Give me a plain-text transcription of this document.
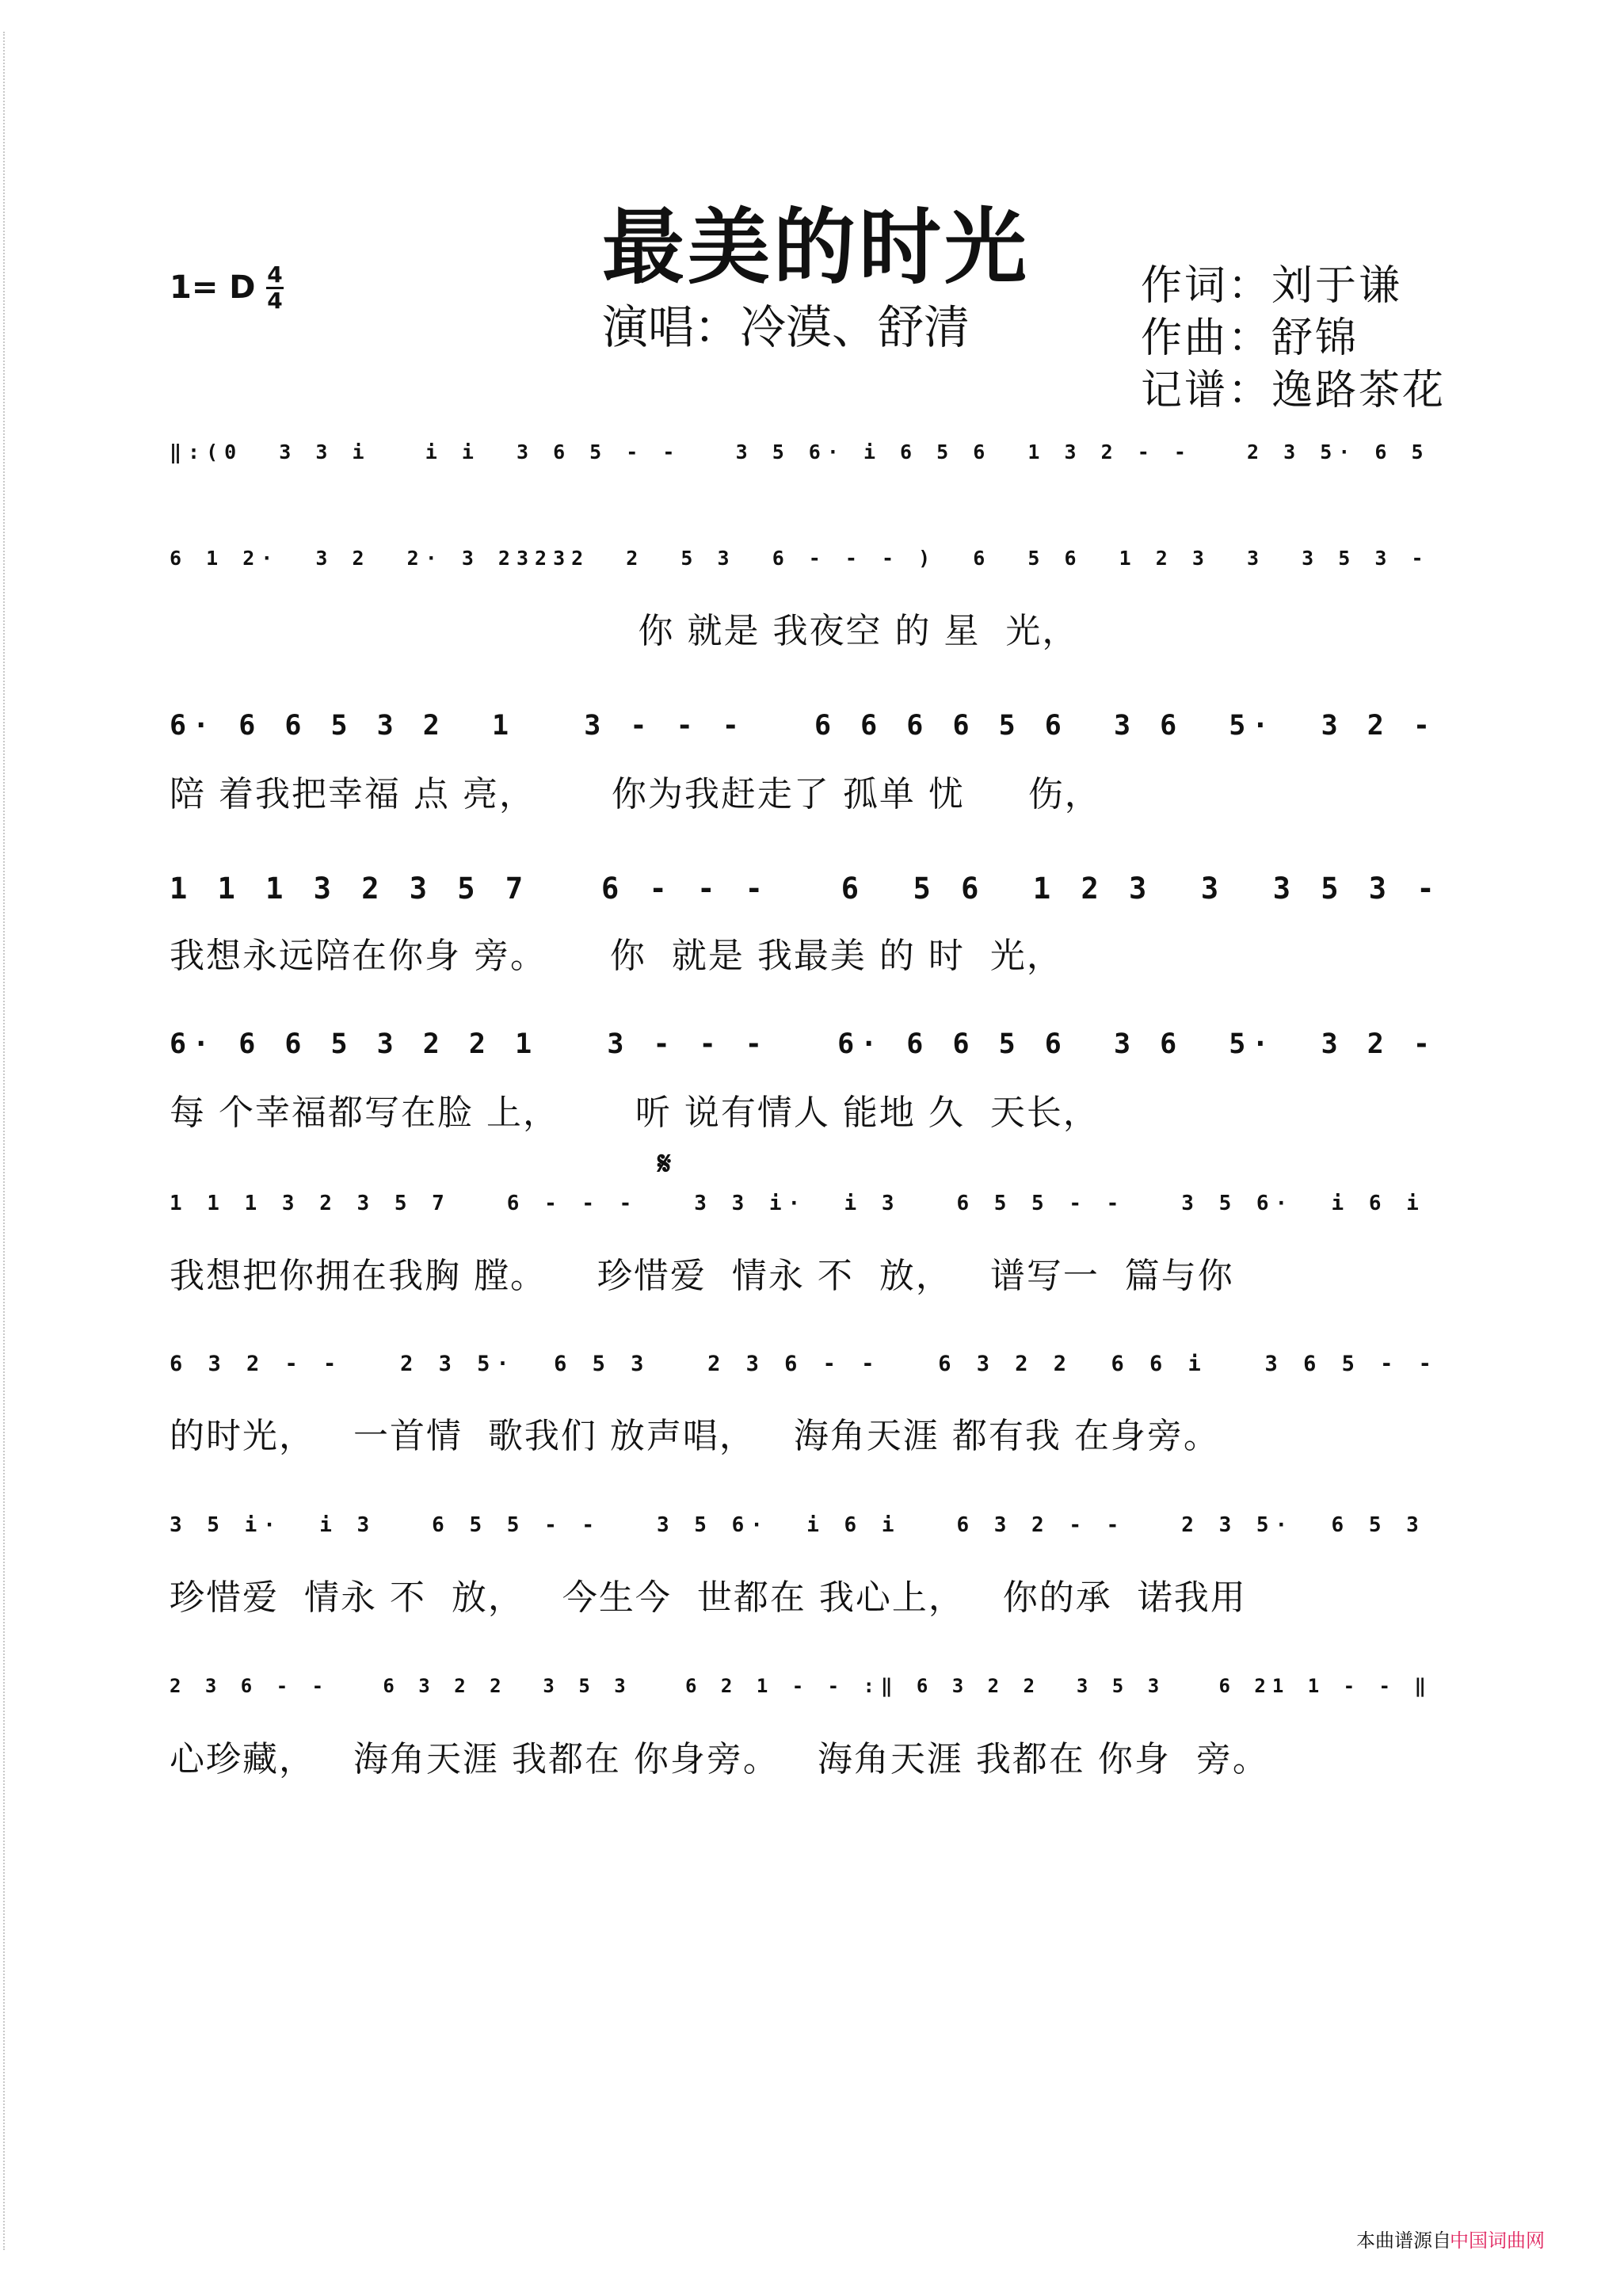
最美的时光
演唱：冷漠、舒清
作词：刘于谦
作曲：舒锦
记谱：逸路茶花
1= D 4
4
‖:(0  3 3 i   i i  3 6 5 - -   3 5 6· i 6 5 6  1 3 2 - -   2 3 5· 6 5
6 1 2·  3 2  2· 3 23232  2  5 3  6 - - - )  6  5 6  1 2 3  3  3 5 3 -
你 就是 我夜空 的 星  光，
6· 6 6 5 3 2  1   3 - - -   6 6 6 6 5 6  3 6  5·  3 2 -
陪 着我把幸福 点 亮，      你为我赶走了 孤单 忧     伤，
1 1 1 3 2 3 5 7   6 - - -   6  5 6  1 2 3  3  3 5 3 -
我想永远陪在你身 旁。     你  就是 我最美 的 时  光，
6· 6 6 5 3 2 2 1   3 - - -   6· 6 6 5 6  3 6  5·  3 2 -
每 个幸福都写在脸 上，      听 说有情人 能地 久  天长，
𝄋
1 1 1 3 2 3 5 7   6 - - -   3 3 i·  i 3   6 5 5 - -   3 5 6·  i 6 i
我想把你拥在我胸 膛。    珍惜爱  情永 不  放，   谱写一  篇与你
6 3 2 - -   2 3 5·  6 5 3   2 3 6 - -   6 3 2 2  6 6 i   3 6 5 - -
的时光，   一首情  歌我们 放声唱，   海角天涯 都有我 在身旁。
3 5 i·  i 3   6 5 5 - -   3 5 6·  i 6 i   6 3 2 - -   2 3 5·  6 5 3
珍惜爱  情永 不  放，   今生今  世都在 我心上，   你的承  诺我用
2 3 6 - -   6 3 2 2  3 5 3   6 2 1 - - :‖ 6 3 2 2  3 5 3   6 21 1 - - ‖
心珍藏，   海角天涯 我都在 你身旁。   海角天涯 我都在 你身  旁。
本曲谱源自
中国词曲网
